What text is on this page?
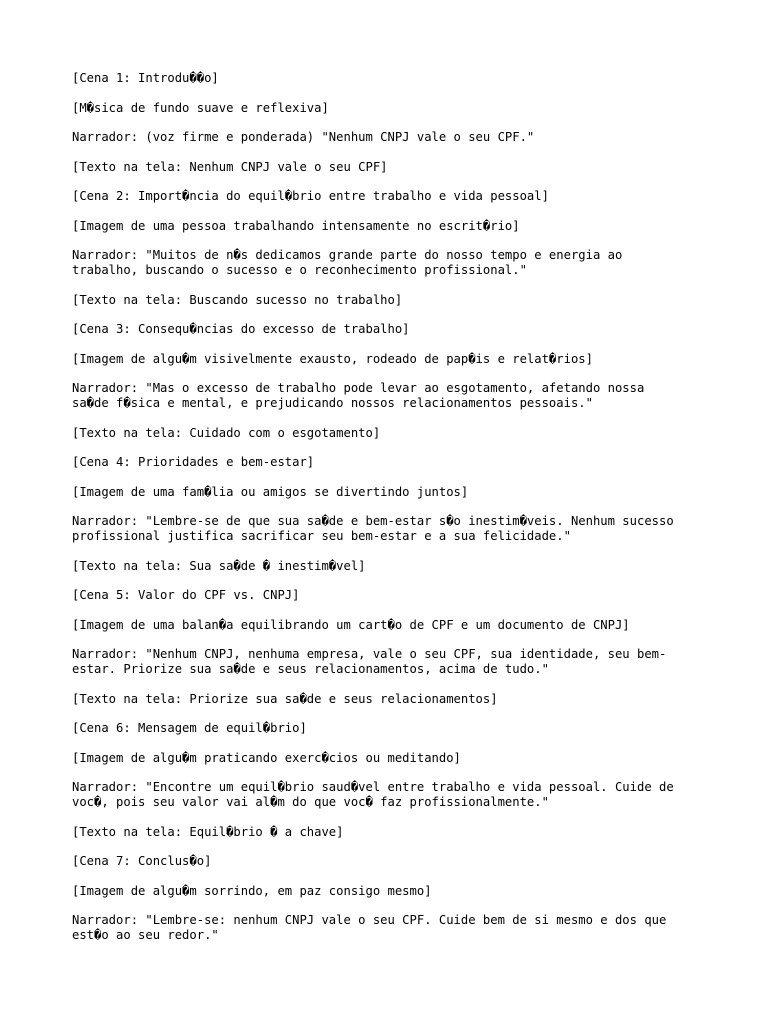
[Cena 1: Introdu��o]

[M�sica de fundo suave e reflexiva]

Narrador: (voz firme e ponderada) "Nenhum CNPJ vale o seu CPF."

[Texto na tela: Nenhum CNPJ vale o seu CPF]

[Cena 2: Import�ncia do equil�brio entre trabalho e vida pessoal]

[Imagem de uma pessoa trabalhando intensamente no escrit�rio]

Narrador: "Muitos de n�s dedicamos grande parte do nosso tempo e energia ao
trabalho, buscando o sucesso e o reconhecimento profissional."

[Texto na tela: Buscando sucesso no trabalho]

[Cena 3: Consequ�ncias do excesso de trabalho]

[Imagem de algu�m visivelmente exausto, rodeado de pap�is e relat�rios]

Narrador: "Mas o excesso de trabalho pode levar ao esgotamento, afetando nossa
sa�de f�sica e mental, e prejudicando nossos relacionamentos pessoais."

[Texto na tela: Cuidado com o esgotamento]

[Cena 4: Prioridades e bem-estar]

[Imagem de uma fam�lia ou amigos se divertindo juntos]

Narrador: "Lembre-se de que sua sa�de e bem-estar s�o inestim�veis. Nenhum sucesso
profissional justifica sacrificar seu bem-estar e a sua felicidade."

[Texto na tela: Sua sa�de � inestim�vel]

[Cena 5: Valor do CPF vs. CNPJ]

[Imagem de uma balan�a equilibrando um cart�o de CPF e um documento de CNPJ]

Narrador: "Nenhum CNPJ, nenhuma empresa, vale o seu CPF, sua identidade, seu bem-
estar. Priorize sua sa�de e seus relacionamentos, acima de tudo."

[Texto na tela: Priorize sua sa�de e seus relacionamentos]

[Cena 6: Mensagem de equil�brio]

[Imagem de algu�m praticando exerc�cios ou meditando]

Narrador: "Encontre um equil�brio saud�vel entre trabalho e vida pessoal. Cuide de
voc�, pois seu valor vai al�m do que voc� faz profissionalmente."

[Texto na tela: Equil�brio � a chave]

[Cena 7: Conclus�o]

[Imagem de algu�m sorrindo, em paz consigo mesmo]

Narrador: "Lembre-se: nenhum CNPJ vale o seu CPF. Cuide bem de si mesmo e dos que
est�o ao seu redor."
